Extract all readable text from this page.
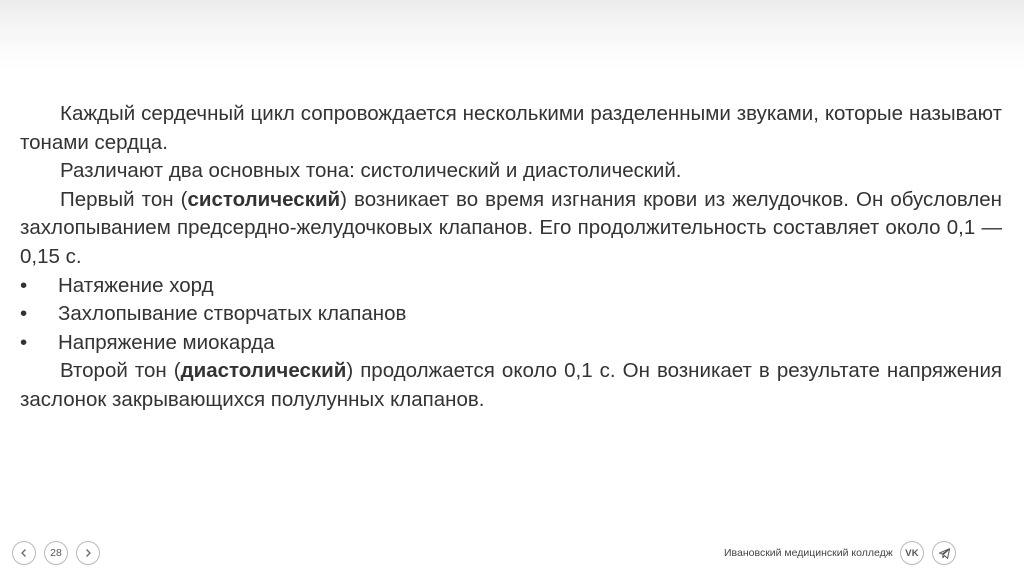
Каждый сердечный цикл сопровождается несколькими разделенными звуками, которые называют тонами сердца.

Различают два основных тона: систолический и диастолический.

Первый тон (систолический) возникает во время изгнания крови из желудочков. Он обусловлен захлопыванием предсердно-желудочковых клапанов. Его продолжительность составляет около 0,1 — 0,15 с.

• Натяжение хорд
• Захлопывание створчатых клапанов
• Напряжение миокарда

Второй тон (диастолический) продолжается около 0,1 с. Он возникает в результате напряжения заслонок закрывающихся полулунных клапанов.

28	Ивановский медицинский колледж VK
